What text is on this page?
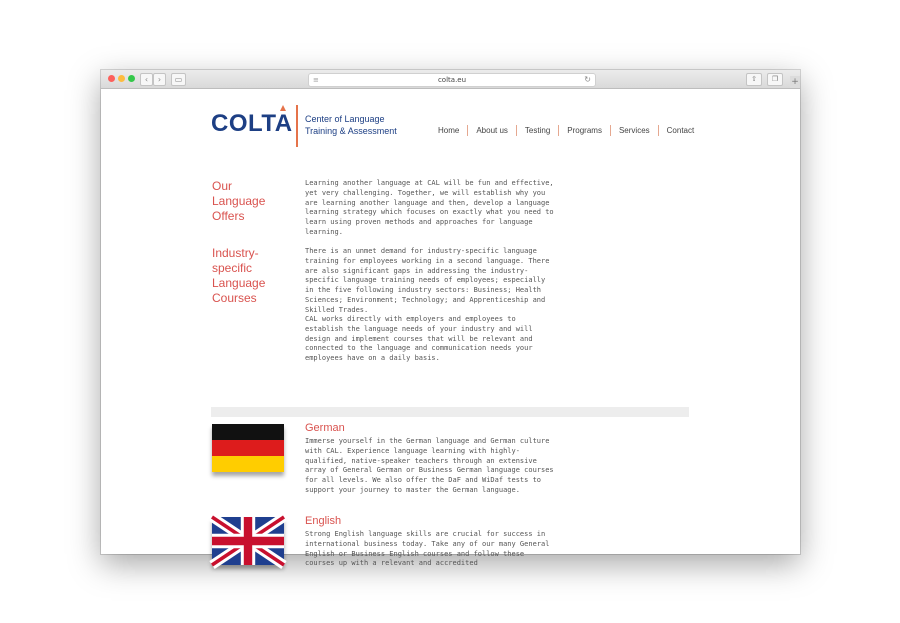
‹	›	▭	≡	colta.eu	↻	⇧	❐	+
COLTA Center of Language
Training & Assessment	Home	About us	Testing	Programs	Services	Contact
Our
Language
Offers
Learning another language at CAL will be fun and effective, yet very challenging. Together, we will establish why you are learning another language and then, develop a language learning strategy which focuses on exactly what you need to learn using proven methods and approaches for language learning.
Industry-
specific
Language
Courses
There is an unmet demand for industry-specific language training for employees working in a second language. There are also significant gaps in addressing the industry-specific language training needs of employees; especially in the five following industry sectors: Business; Health Sciences; Environment; Technology; and Apprenticeship and Skilled Trades.
CAL works directly with employers and employees to establish the language needs of your industry and will design and implement courses that will be relevant and connected to the language and communication needs your employees have on a daily basis.
German
Immerse yourself in the German language and German culture with CAL. Experience language learning with highly-qualified, native-speaker teachers through an extensive array of General German or Business German language courses for all levels. We also offer the DaF and WiDaf tests to support your journey to master the German language.
English
Strong English language skills are crucial for success in international business today. Take any of our many General English or Business English courses and follow these courses up with a relevant and accredited
